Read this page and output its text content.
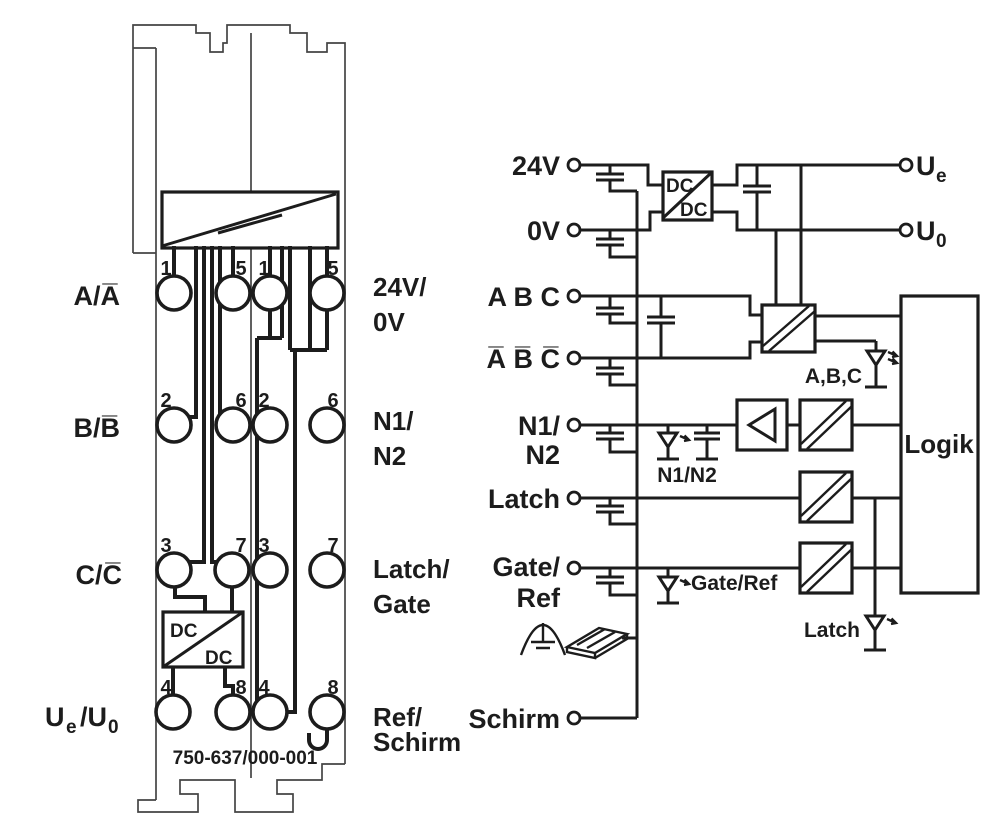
DC
DC
1	5 1	5
2	6 2	6
3	7 3	7
4	8 4	8
A/A̅
B/B̅
C/C̅
U e /U 0
24V/
0V
N1/
N2
Latch/
Gate
Ref/
Schirm
750-637/000-001
DC
DC
Logik
24V
0V
A B C
A̅ B̅ C̅
N1/
N2
Latch
Gate/
Ref
Schirm
A,B,C
N1/N2
Gate/Ref
Latch
U e
U 0
